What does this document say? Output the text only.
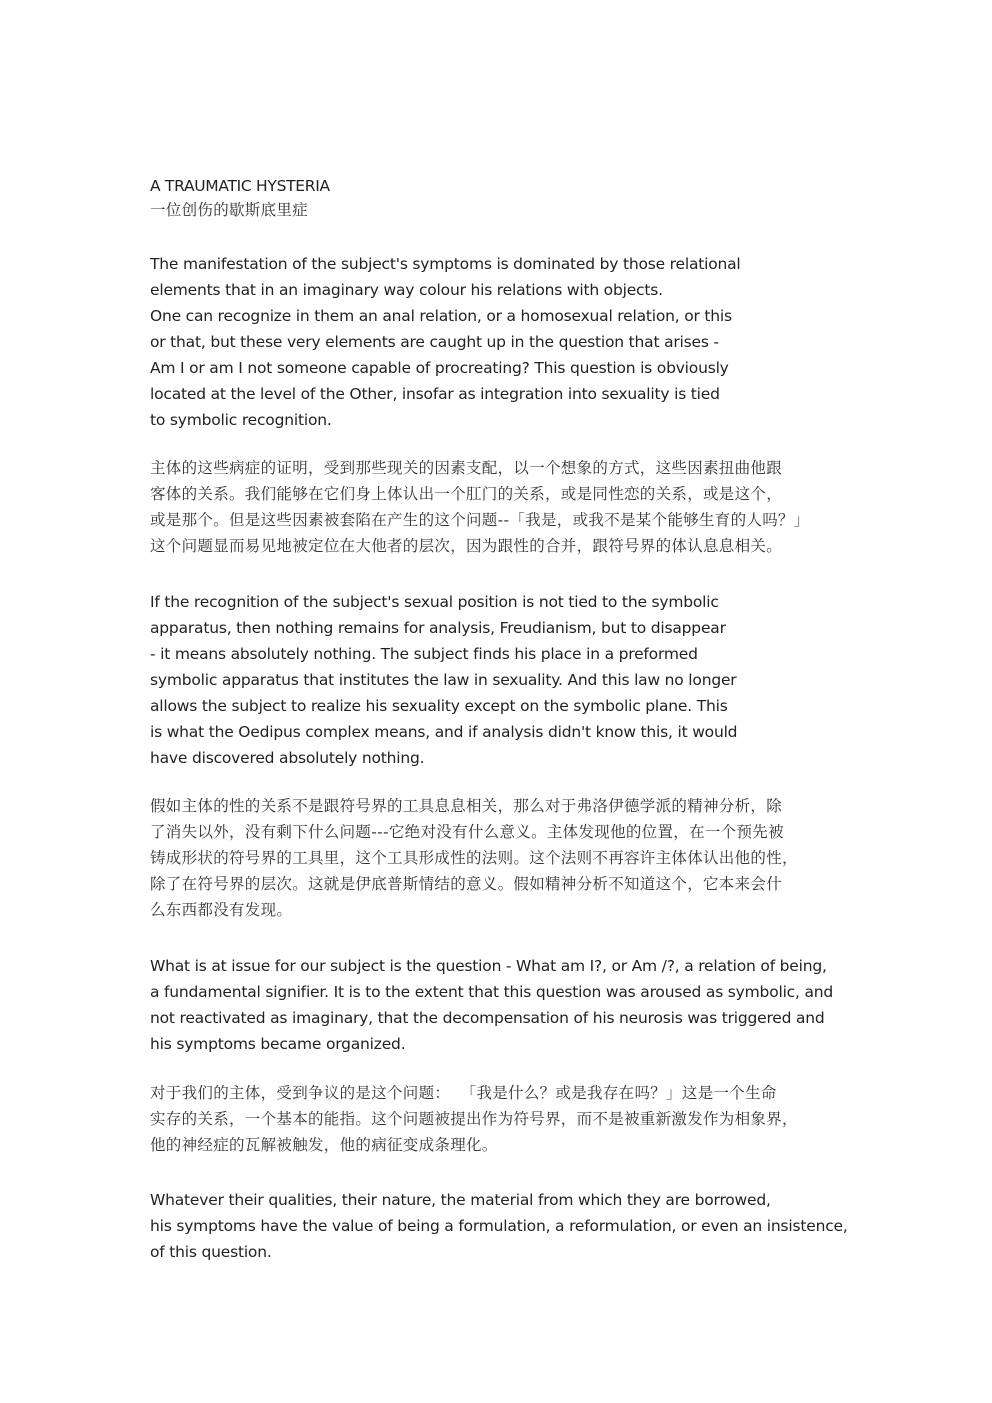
A TRAUMATIC HYSTERIA
一位创伤的歇斯底里症
The manifestation of the subject's symptoms is dominated by those relational
elements that in an imaginary way colour his relations with objects.
One can recognize in them an anal relation, or a homosexual relation, or this
or that, but these very elements are caught up in the question that arises -
Am I or am I not someone capable of procreating? This question is obviously
located at the level of the Other, insofar as integration into sexuality is tied
to symbolic recognition.
主体的这些病症的证明，受到那些现关的因素支配，以一个想象的方式，这些因素扭曲他跟
客体的关系。我们能够在它们身上体认出一个肛门的关系，或是同性恋的关系，或是这个，
或是那个。但是这些因素被套陷在产生的这个问题--「我是，或我不是某个能够生育的人吗？」
这个问题显而易见地被定位在大他者的层次，因为跟性的合并，跟符号界的体认息息相关。
If the recognition of the subject's sexual position is not tied to the symbolic
apparatus, then nothing remains for analysis, Freudianism, but to disappear
- it means absolutely nothing. The subject finds his place in a preformed
symbolic apparatus that institutes the law in sexuality. And this law no longer
allows the subject to realize his sexuality except on the symbolic plane. This
is what the Oedipus complex means, and if analysis didn't know this, it would
have discovered absolutely nothing.
假如主体的性的关系不是跟符号界的工具息息相关，那么对于弗洛伊德学派的精神分析，除
了消失以外，没有剩下什么问题---它绝对没有什么意义。主体发现他的位置，在一个预先被
铸成形状的符号界的工具里，这个工具形成性的法则。这个法则不再容许主体体认出他的性，
除了在符号界的层次。这就是伊底普斯情结的意义。假如精神分析不知道这个，它本来会什
么东西都没有发现。
What is at issue for our subject is the question - What am I?, or Am /?, a relation of being,
a fundamental signifier. It is to the extent that this question was aroused as symbolic, and
not reactivated as imaginary, that the decompensation of his neurosis was triggered and
his symptoms became organized.
对于我们的主体，受到争议的是这个问题：  「我是什么？或是我存在吗？」这是一个生命
实存的关系，一个基本的能指。这个问题被提出作为符号界，而不是被重新激发作为相象界，
他的神经症的瓦解被触发，他的病征变成条理化。
Whatever their qualities, their nature, the material from which they are borrowed,
his symptoms have the value of being a formulation, a reformulation, or even an insistence,
of this question.
